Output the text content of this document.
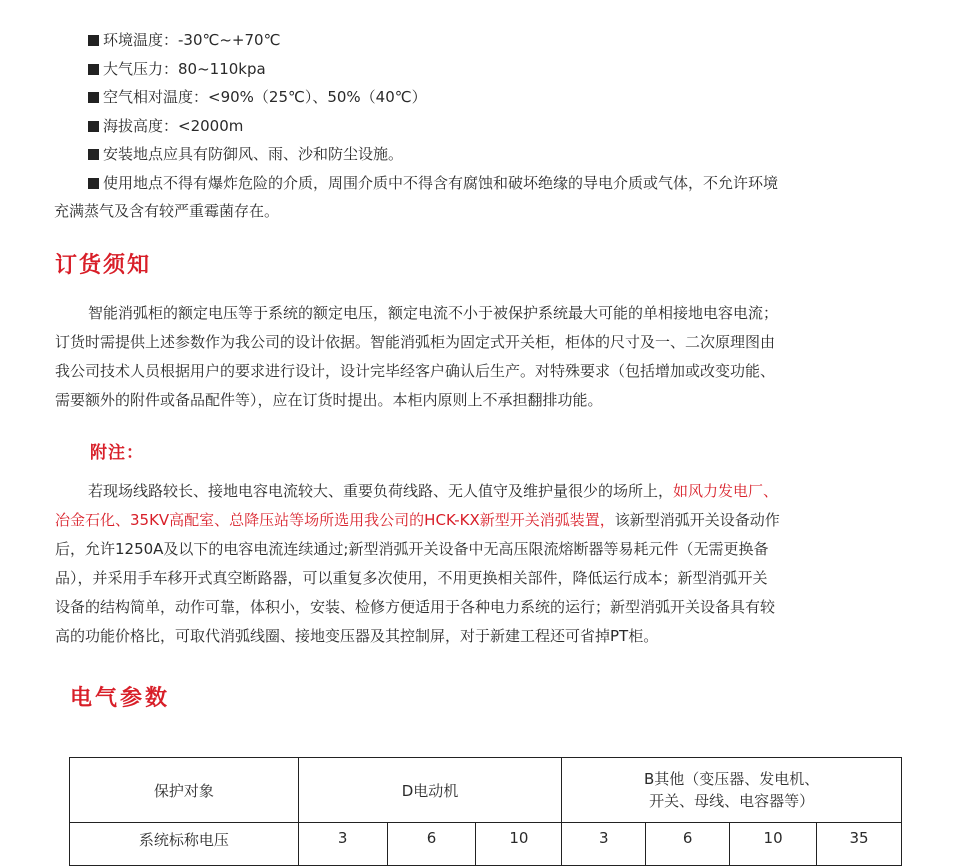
环境温度：-30℃~+70℃
大气压力：80~110kpa
空气相对温度：<90%（25℃）、50%（40℃）
海拔高度：<2000m
安装地点应具有防御风、雨、沙和防尘设施。
使用地点不得有爆炸危险的介质，周围介质中不得含有腐蚀和破坏绝缘的导电介质或气体，不允许环境
充满蒸气及含有较严重霉菌存在。
订货须知
智能消弧柜的额定电压等于系统的额定电压，额定电流不小于被保护系统最大可能的单相接地电容电流；
订货时需提供上述参数作为我公司的设计依据。智能消弧柜为固定式开关柜，柜体的尺寸及一、二次原理图由
我公司技术人员根据用户的要求进行设计，设计完毕经客户确认后生产。对特殊要求（包括增加或改变功能、
需要额外的附件或备品配件等），应在订货时提出。本柜内原则上不承担翻排功能。
附注：
若现场线路较长、接地电容电流较大、重要负荷线路、无人值守及维护量很少的场所上，如风力发电厂、
冶金石化、35KV高配室、总降压站等场所选用我公司的HCK-KX新型开关消弧装置，该新型消弧开关设备动作
后，允许1250A及以下的电容电流连续通过;新型消弧开关设备中无高压限流熔断器等易耗元件（无需更换备
品），并采用手车移开式真空断路器，可以重复多次使用，不用更换相关部件，降低运行成本；新型消弧开关
设备的结构简单，动作可靠，体积小，安装、检修方便适用于各种电力系统的运行；新型消弧开关设备具有较
高的功能价格比，可取代消弧线圈、接地变压器及其控制屏，对于新建工程还可省掉PT柜。
电气参数
保护对象	D电动机			B其他（变压器、发电机、
开关、母线、电容器等）			

系统标称电压	3	6	10	3	6	10	35
